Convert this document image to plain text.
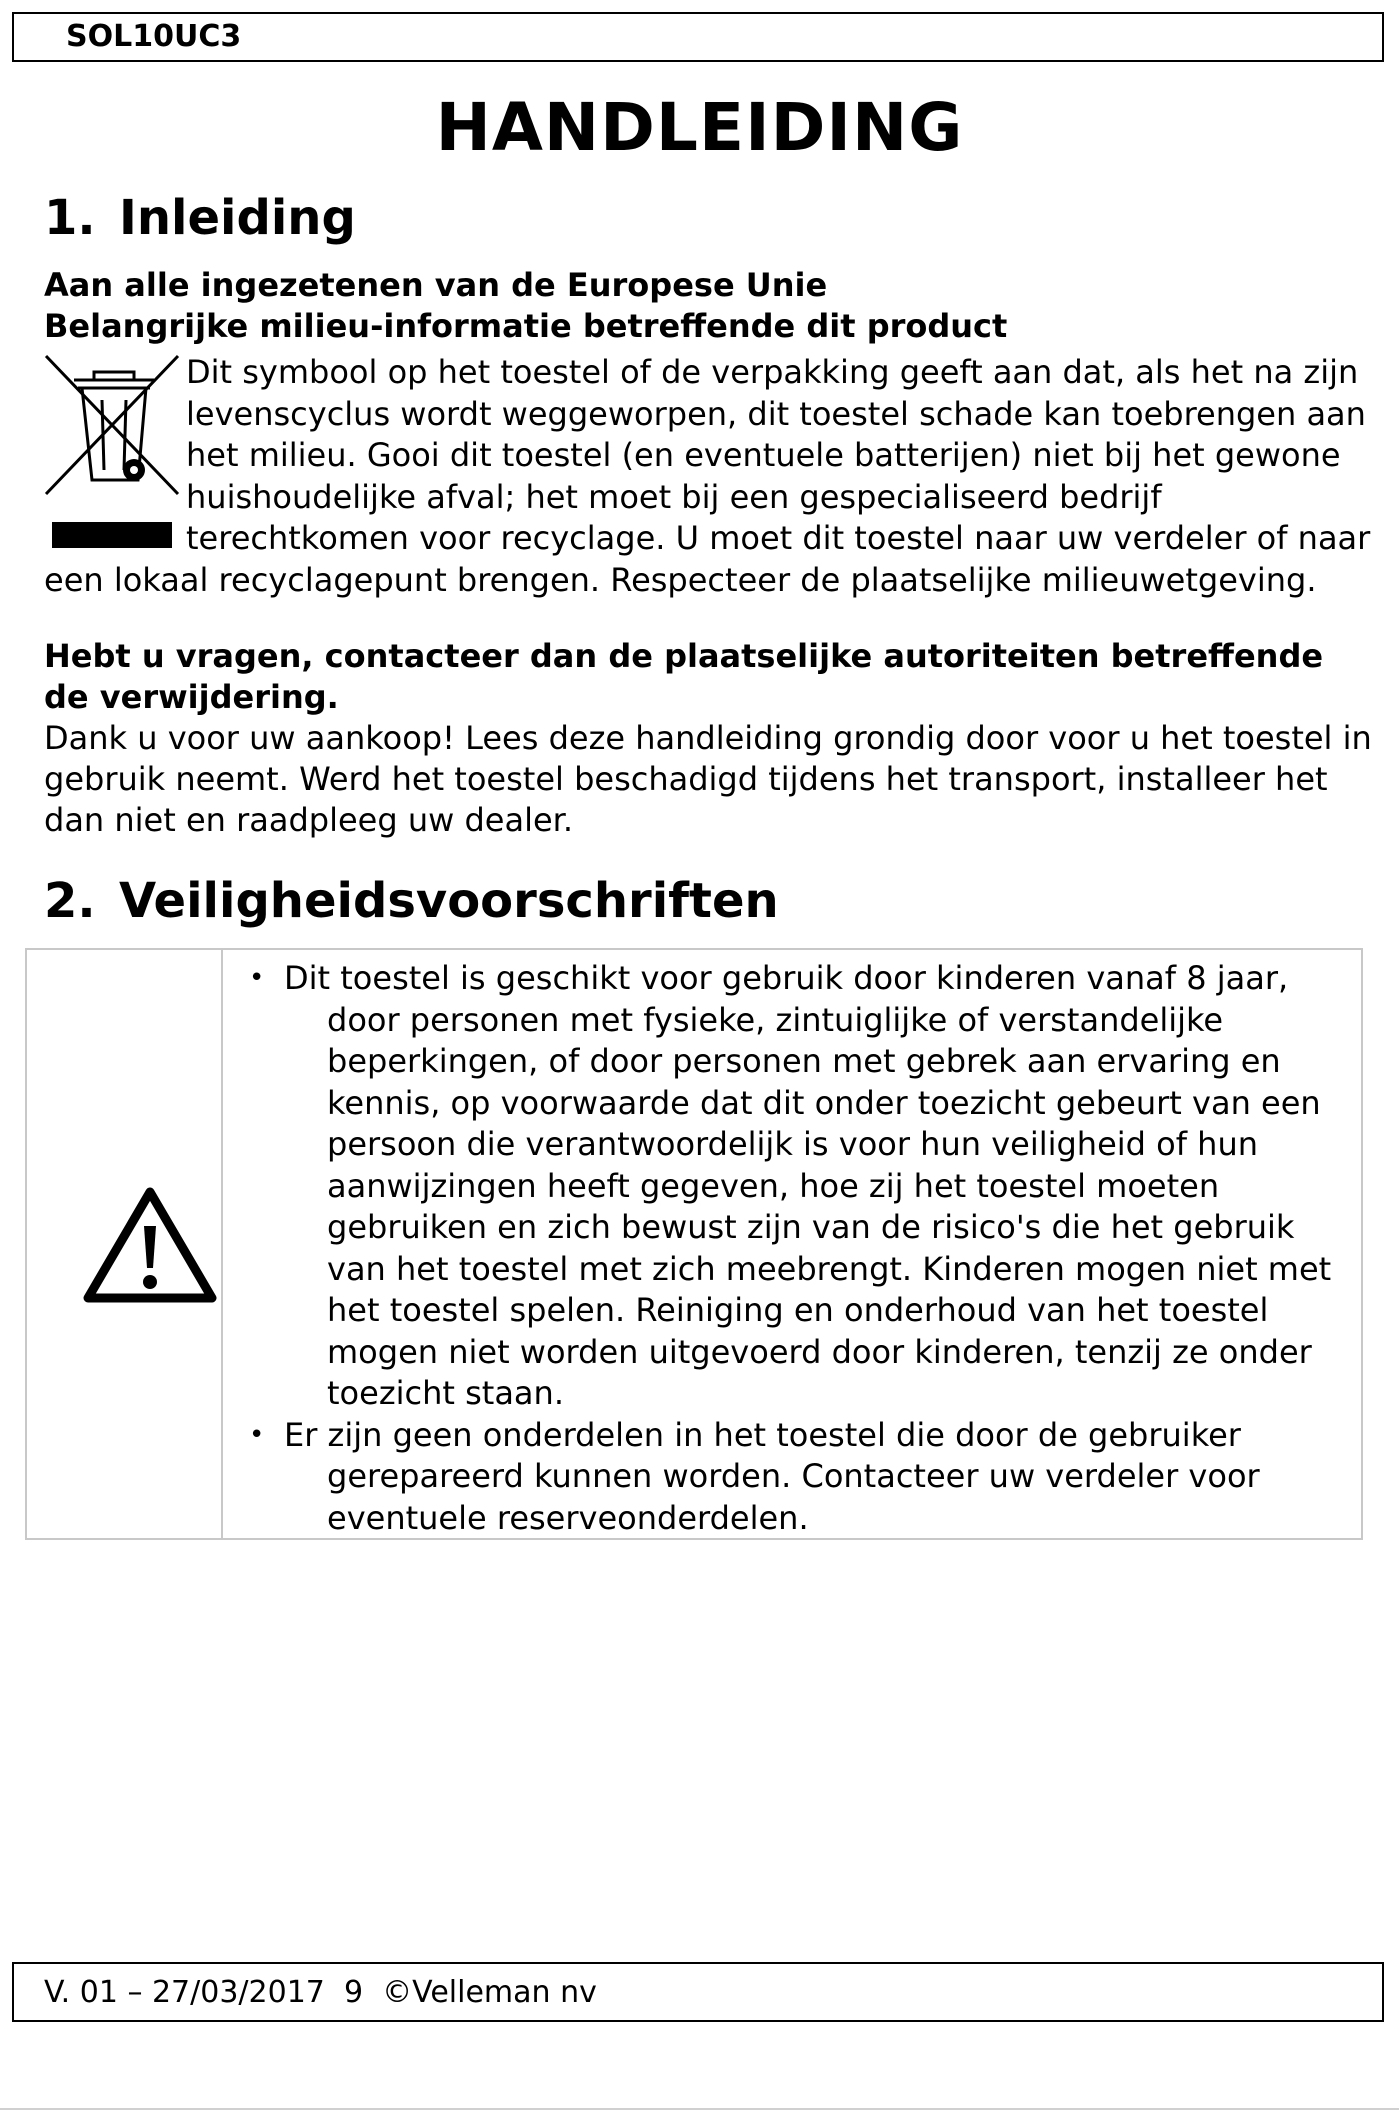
SOL10UC3
HANDLEIDING
1. Inleiding

Aan alle ingezetenen van de Europese Unie

Belangrijke milieu-informatie betreffende dit product

Dit symbool op het toestel of de verpakking geeft aan dat, als het na zijn levenscyclus wordt weggeworpen, dit toestel schade kan toebrengen aan het milieu. Gooi dit toestel (en eventuele batterijen) niet bij het gewone huishoudelijke afval; het moet bij een gespecialiseerd bedrijf terechtkomen voor recyclage. U moet dit toestel naar uw verdeler of naar een lokaal recyclagepunt brengen. Respecteer de plaatselijke milieuwetgeving.

Hebt u vragen, contacteer dan de plaatselijke autoriteiten betreffende de verwijdering.

Dank u voor uw aankoop! Lees deze handleiding grondig door voor u het toestel in gebruik neemt. Werd het toestel beschadigd tijdens het transport, installeer het dan niet en raadpleeg uw dealer.

2. Veiligheidsvoorschriften
• Dit toestel is geschikt voor gebruik door kinderen vanaf 8 jaar, door personen met fysieke, zintuiglijke of verstandelijke beperkingen, of door personen met gebrek aan ervaring en kennis, op voorwaarde dat dit onder toezicht gebeurt van een persoon die verantwoordelijk is voor hun veiligheid of hun aanwijzingen heeft gegeven, hoe zij het toestel moeten gebruiken en zich bewust zijn van de risico's die het gebruik van het toestel met zich meebrengt. Kinderen mogen niet met het toestel spelen. Reiniging en onderhoud van het toestel mogen niet worden uitgevoerd door kinderen, tenzij ze onder toezicht staan.
• Er zijn geen onderdelen in het toestel die door de gebruiker gerepareerd kunnen worden. Contacteer uw verdeler voor eventuele reserveonderdelen.
V. 01 – 27/03/2017 9 ©Velleman nv
